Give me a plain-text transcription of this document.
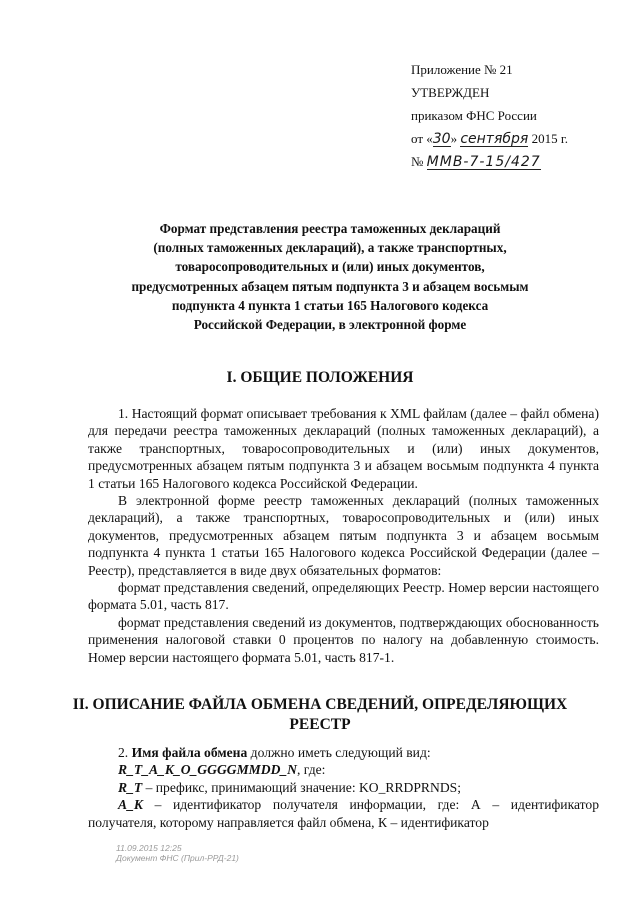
Приложение № 21
УТВЕРЖДЕН
приказом ФНС России
от «30» сентября 2015 г.
№ ММВ-7-15/427
Формат представления реестра таможенных деклараций
(полных таможенных деклараций), а также транспортных,
товаросопроводительных и (или) иных документов,
предусмотренных абзацем пятым подпункта 3 и абзацем восьмым
подпункта 4 пункта 1 статьи 165 Налогового кодекса
Российской Федерации, в электронной форме
I. ОБЩИЕ ПОЛОЖЕНИЯ

1. Настоящий формат описывает требования к XML файлам (далее – файл обмена) для передачи реестра таможенных деклараций (полных таможенных деклараций), а также транспортных, товаросопроводительных и (или) иных документов, предусмотренных абзацем пятым подпункта 3 и абзацем восьмым подпункта 4 пункта 1 статьи 165 Налогового кодекса Российской Федерации.

В электронной форме реестр таможенных деклараций (полных таможенных деклараций), а также транспортных, товаросопроводительных и (или) иных документов, предусмотренных абзацем пятым подпункта 3 и абзацем восьмым подпункта 4 пункта 1 статьи 165 Налогового кодекса Российской Федерации (далее – Реестр), представляется в виде двух обязательных форматов:

формат представления сведений, определяющих Реестр. Номер версии настоящего формата 5.01, часть 817.

формат представления сведений из документов, подтверждающих обоснованность применения налоговой ставки 0 процентов по налогу на добавленную стоимость. Номер версии настоящего формата 5.01, часть 817-1.

II. ОПИСАНИЕ ФАЙЛА ОБМЕНА СВЕДЕНИЙ, ОПРЕДЕЛЯЮЩИХ
РЕЕСТР

2. Имя файла обмена должно иметь следующий вид:

R_T_A_K_O_GGGGMMDD_N, где:

R_T – префикс, принимающий значение: KO_RRDPRNDS;

A_K – идентификатор получателя информации, где: А – идентификатор получателя, которому направляется файл обмена, К – идентификатор

11.09.2015 12:25
Документ ФНС (Прил-РРД-21)
